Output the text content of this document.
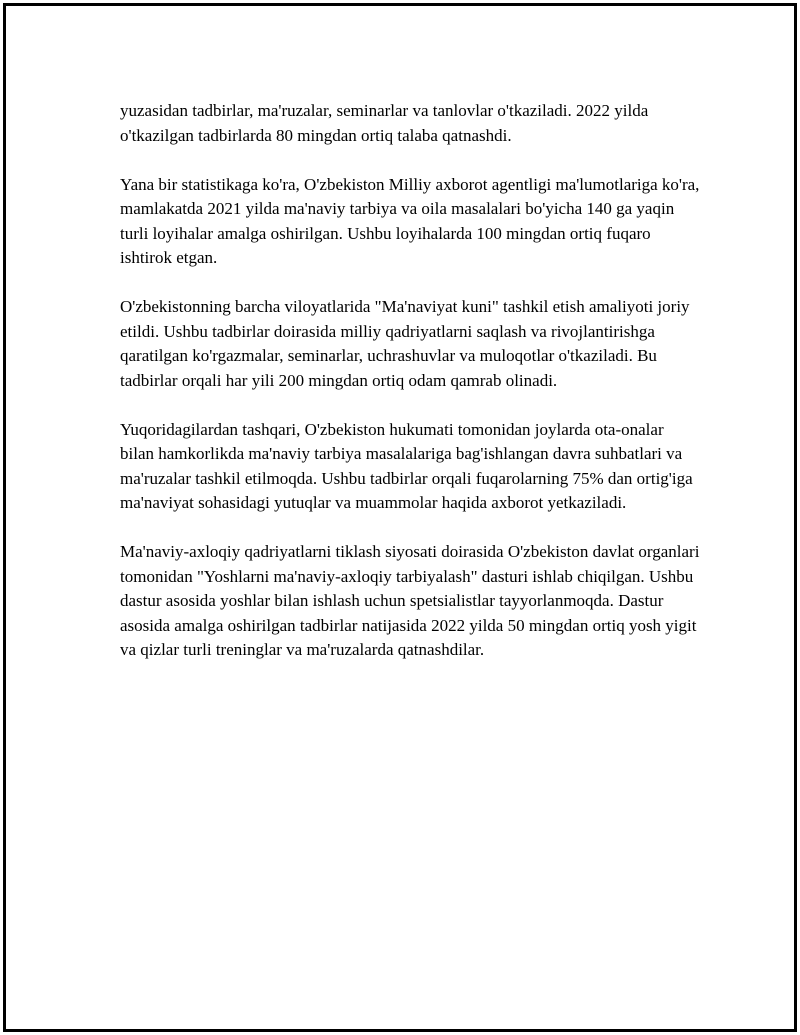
yuzasidan tadbirlar, ma'ruzalar, seminarlar va tanlovlar o'tkaziladi. 2022 yilda o'tkazilgan tadbirlarda 80 mingdan ortiq talaba qatnashdi.

Yana bir statistikaga ko'ra, O'zbekiston Milliy axborot agentligi ma'lumotlariga ko'ra, mamlakatda 2021 yilda ma'naviy tarbiya va oila masalalari bo'yicha 140 ga yaqin turli loyihalar amalga oshirilgan. Ushbu loyihalarda 100 mingdan ortiq fuqaro ishtirok etgan.

O'zbekistonning barcha viloyatlarida "Ma'naviyat kuni" tashkil etish amaliyoti joriy etildi. Ushbu tadbirlar doirasida milliy qadriyatlarni saqlash va rivojlantirishga qaratilgan ko'rgazmalar, seminarlar, uchrashuvlar va muloqotlar o'tkaziladi. Bu tadbirlar orqali har yili 200 mingdan ortiq odam qamrab olinadi.

Yuqoridagilardan tashqari, O'zbekiston hukumati tomonidan joylarda ota-onalar bilan hamkorlikda ma'naviy tarbiya masalalariga bag'ishlangan davra suhbatlari va ma'ruzalar tashkil etilmoqda. Ushbu tadbirlar orqali fuqarolarning 75% dan ortig'iga ma'naviyat sohasidagi yutuqlar va muammolar haqida axborot yetkaziladi.

Ma'naviy-axloqiy qadriyatlarni tiklash siyosati doirasida O'zbekiston davlat organlari tomonidan "Yoshlarni ma'naviy-axloqiy tarbiyalash" dasturi ishlab chiqilgan. Ushbu dastur asosida yoshlar bilan ishlash uchun spetsialistlar tayyorlanmoqda. Dastur asosida amalga oshirilgan tadbirlar natijasida 2022 yilda 50 mingdan ortiq yosh yigit va qizlar turli treninglar va ma'ruzalarda qatnashdilar.
